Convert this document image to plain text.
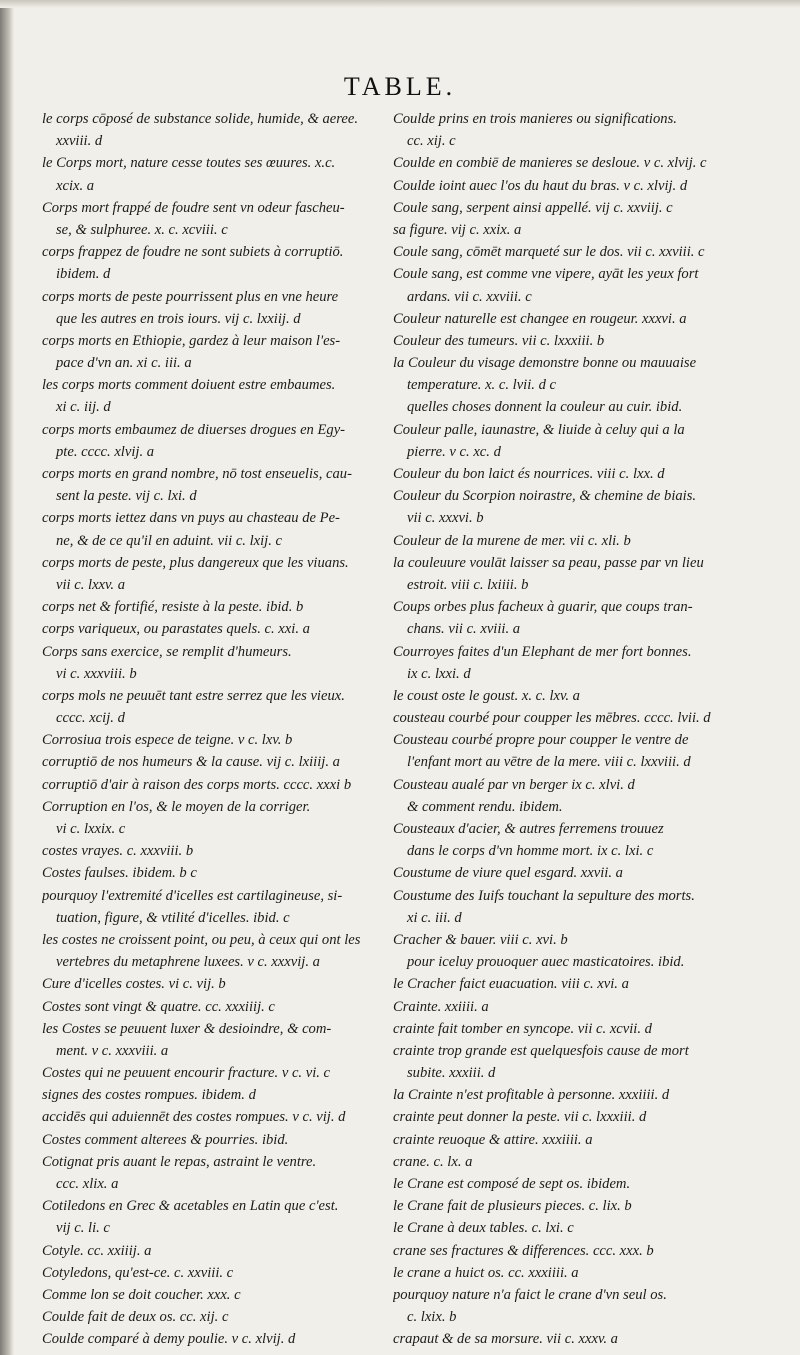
TABLE.
le corps cōposé de substance solide, humide, & aeree.
xxviii. d
le Corps mort, nature cesse toutes ses œuures. x.c.
xcix. a
Corps mort frappé de foudre sent vn odeur fascheu-
se, & sulphuree. x. c. xcviii. c
corps frappez de foudre ne sont subiets à corruptiō.
ibidem. d
corps morts de peste pourrissent plus en vne heure
que les autres en trois iours. vij c. lxxiij. d
corps morts en Ethiopie, gardez à leur maison l'es-
pace d'vn an. xi c. iii. a
les corps morts comment doiuent estre embaumes.
xi c. iij. d
corps morts embaumez de diuerses drogues en Egy-
pte. cccc. xlvij. a
corps morts en grand nombre, nō tost enseuelis, cau-
sent la peste. vij c. lxi. d
corps morts iettez dans vn puys au chasteau de Pe-
ne, & de ce qu'il en aduint. vii c. lxij. c
corps morts de peste, plus dangereux que les viuans.
vii c. lxxv. a
corps net & fortifié, resiste à la peste. ibid. b
corps variqueux, ou parastates quels. c. xxi. a
Corps sans exercice, se remplit d'humeurs.
vi c. xxxviii. b
corps mols ne peuuēt tant estre serrez que les vieux.
cccc. xcij. d
Corrosiua trois espece de teigne. v c. lxv. b
corruptiō de nos humeurs & la cause. vij c. lxiiij. a
corruptiō d'air à raison des corps morts. cccc. xxxi b
Corruption en l'os, & le moyen de la corriger.
vi c. lxxix. c
costes vrayes. c. xxxviii. b
Costes faulses. ibidem. b c
pourquoy l'extremité d'icelles est cartilagineuse, si-
tuation, figure, & vtilité d'icelles. ibid. c
les costes ne croissent point, ou peu, à ceux qui ont les
vertebres du metaphrene luxees. v c. xxxvij. a
Cure d'icelles costes. vi c. vij. b
Costes sont vingt & quatre. cc. xxxiiij. c
les Costes se peuuent luxer & desioindre, & com-
ment. v c. xxxviii. a
Costes qui ne peuuent encourir fracture. v c. vi. c
signes des costes rompues. ibidem. d
accidēs qui aduiennēt des costes rompues. v c. vij. d
Costes comment alterees & pourries. ibid.
Cotignat pris auant le repas, astraint le ventre.
ccc. xlix. a
Cotiledons en Grec & acetables en Latin que c'est.
vij c. li. c
Cotyle. cc. xxiiij. a
Cotyledons, qu'est-ce. c. xxviii. c
Comme lon se doit coucher. xxx. c
Coulde fait de deux os. cc. xij. c
Coulde comparé à demy poulie. v c. xlvij. d
Coulde prins en trois manieres ou significations.
cc. xij. c
Coulde en combiē de manieres se desloue. v c. xlvij. c
Coulde ioint auec l'os du haut du bras. v c. xlvij. d
Coule sang, serpent ainsi appellé. vij c. xxviij. c
sa figure. vij c. xxix. a
Coule sang, cōmēt marqueté sur le dos. vii c. xxviii. c
Coule sang, est comme vne vipere, ayāt les yeux fort
ardans. vii c. xxviii. c
Couleur naturelle est changee en rougeur. xxxvi. a
Couleur des tumeurs. vii c. lxxxiii. b
la Couleur du visage demonstre bonne ou mauuaise
temperature. x. c. lvii. d c
quelles choses donnent la couleur au cuir. ibid.
Couleur palle, iaunastre, & liuide à celuy qui a la
pierre. v c. xc. d
Couleur du bon laict és nourrices. viii c. lxx. d
Couleur du Scorpion noirastre, & chemine de biais.
vii c. xxxvi. b
Couleur de la murene de mer. vii c. xli. b
la couleuure voulāt laisser sa peau, passe par vn lieu
estroit. viii c. lxiiii. b
Coups orbes plus facheux à guarir, que coups tran-
chans. vii c. xviii. a
Courroyes faites d'un Elephant de mer fort bonnes.
ix c. lxxi. d
le coust oste le goust. x. c. lxv. a
cousteau courbé pour coupper les mēbres. cccc. lvii. d
Cousteau courbé propre pour coupper le ventre de
l'enfant mort au vētre de la mere. viii c. lxxviii. d
Cousteau aualé par vn berger ix c. xlvi. d
& comment rendu. ibidem.
Cousteaux d'acier, & autres ferremens trouuez
dans le corps d'vn homme mort. ix c. lxi. c
Coustume de viure quel esgard. xxvii. a
Coustume des Iuifs touchant la sepulture des morts.
xi c. iii. d
Cracher & bauer. viii c. xvi. b
pour iceluy prouoquer auec masticatoires. ibid.
le Cracher faict euacuation. viii c. xvi. a
Crainte. xxiiii. a
crainte fait tomber en syncope. vii c. xcvii. d
crainte trop grande est quelquesfois cause de mort
subite. xxxiii. d
la Crainte n'est profitable à personne. xxxiiii. d
crainte peut donner la peste. vii c. lxxxiii. d
crainte reuoque & attire. xxxiiii. a
crane. c. lx. a
le Crane est composé de sept os. ibidem.
le Crane fait de plusieurs pieces. c. lix. b
le Crane à deux tables. c. lxi. c
crane ses fractures & differences. ccc. xxx. b
le crane a huict os. cc. xxxiiii. a
pourquoy nature n'a faict le crane d'vn seul os.
c. lxix. b
crapaut & de sa morsure. vii c. xxxv. a
